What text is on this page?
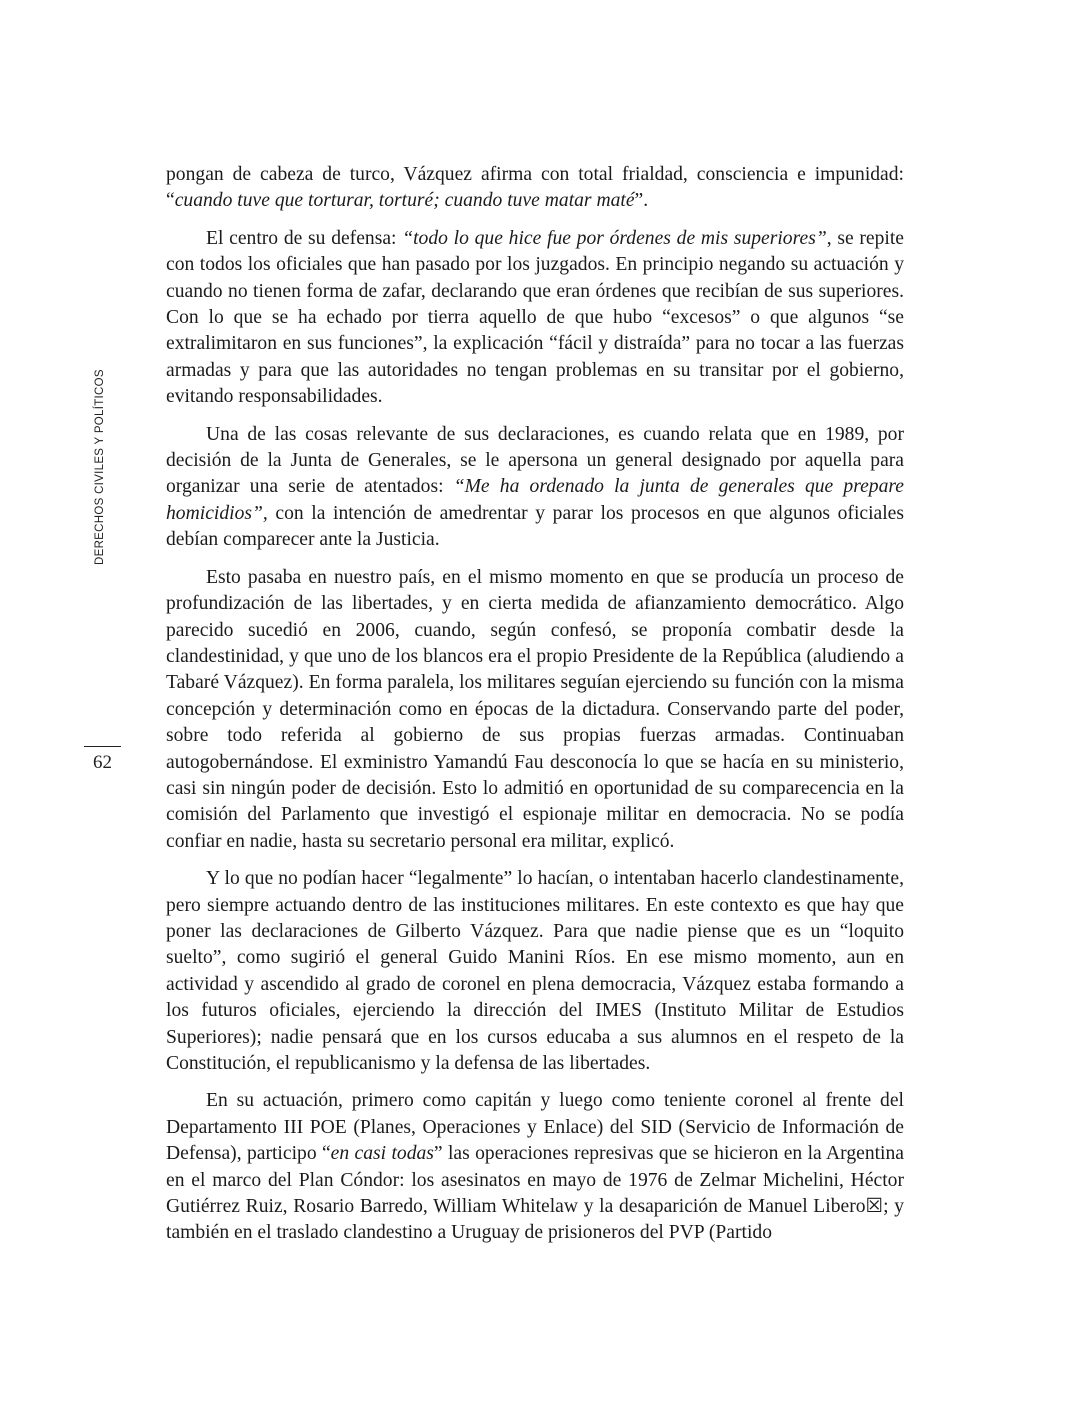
DERECHOS CIVILES Y POLÍTICOS
62

pongan de cabeza de turco, Vázquez afirma con total frialdad, consciencia e impunidad: “cuando tuve que torturar, torturé; cuando tuve matar maté”.

El centro de su defensa: “todo lo que hice fue por órdenes de mis superiores”, se repite con todos los oficiales que han pasado por los juzgados. En principio negando su actuación y cuando no tienen forma de zafar, declarando que eran órdenes que recibían de sus superiores. Con lo que se ha echado por tierra aquello de que hubo “excesos” o que algunos “se extralimitaron en sus funciones”, la explicación “fácil y distraída” para no tocar a las fuerzas armadas y para que las autoridades no tengan problemas en su transitar por el gobierno, evitando responsabilidades.

Una de las cosas relevante de sus declaraciones, es cuando relata que en 1989, por decisión de la Junta de Generales, se le apersona un general designado por aquella para organizar una serie de atentados: “Me ha ordenado la junta de generales que prepare homicidios”, con la intención de amedrentar y parar los procesos en que algunos oficiales debían comparecer ante la Justicia.

Esto pasaba en nuestro país, en el mismo momento en que se producía un proceso de profundización de las libertades, y en cierta medida de afianzamiento democrático. Algo parecido sucedió en 2006, cuando, según confesó, se proponía combatir desde la clandestinidad, y que uno de los blancos era el propio Presidente de la República (aludiendo a Tabaré Vázquez). En forma paralela, los militares seguían ejerciendo su función con la misma concepción y determinación como en épocas de la dictadura. Conservando parte del poder, sobre todo referida al gobierno de sus propias fuerzas armadas. Continuaban autogobernándose. El exministro Yamandú Fau desconocía lo que se hacía en su ministerio, casi sin ningún poder de decisión. Esto lo admitió en oportunidad de su comparecencia en la comisión del Parlamento que investigó el espionaje militar en democracia. No se podía confiar en nadie, hasta su secretario personal era militar, explicó.

Y lo que no podían hacer “legalmente” lo hacían, o intentaban hacerlo clandestinamente, pero siempre actuando dentro de las instituciones militares. En este contexto es que hay que poner las declaraciones de Gilberto Vázquez. Para que nadie piense que es un “loquito suelto”, como sugirió el general Guido Manini Ríos. En ese mismo momento, aun en actividad y ascendido al grado de coronel en plena democracia, Vázquez estaba formando a los futuros oficiales, ejerciendo la dirección del IMES (Instituto Militar de Estudios Superiores); nadie pensará que en los cursos educaba a sus alumnos en el respeto de la Constitución, el republicanismo y la defensa de las libertades.

En su actuación, primero como capitán y luego como teniente coronel al frente del Departamento III POE (Planes, Operaciones y Enlace) del SID (Servicio de Información de Defensa), participo “en casi todas” las operaciones represivas que se hicieron en la Argentina en el marco del Plan Cóndor: los asesinatos en mayo de 1976 de Zelmar Michelini, Héctor Gutiérrez Ruiz, Rosario Barredo, William Whitelaw y la desaparición de Manuel Libero☒; y también en el traslado clandestino a Uruguay de prisioneros del PVP (Partido
